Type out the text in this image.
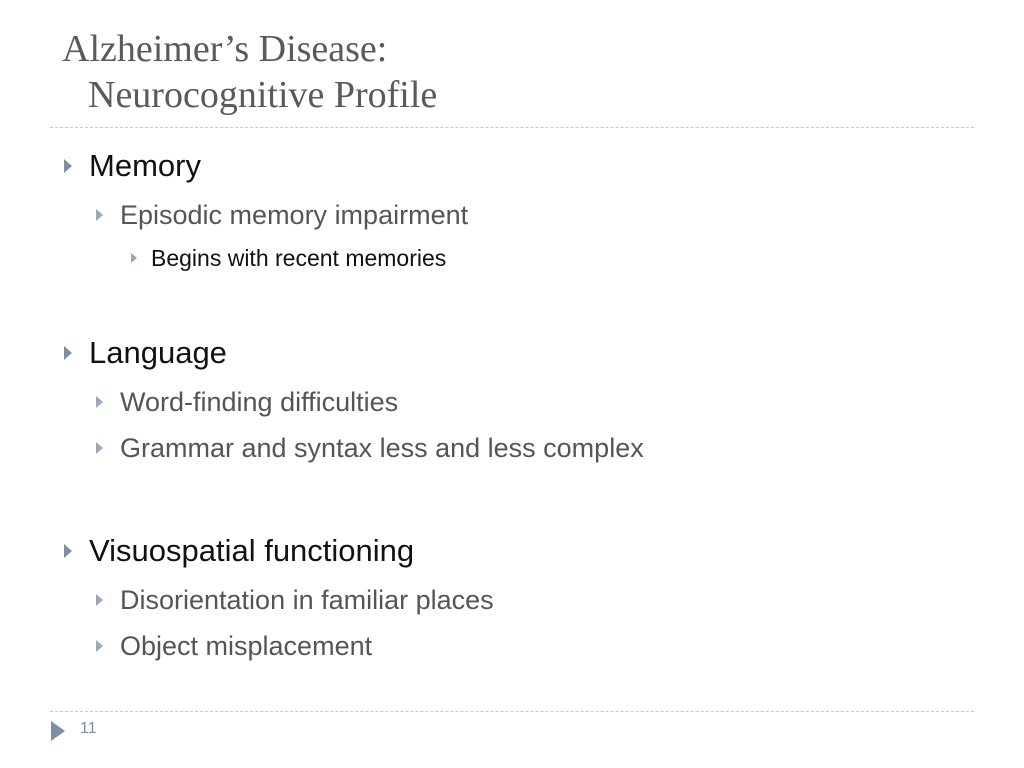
Alzheimer’s Disease:
Neurocognitive Profile
Memory
Episodic memory impairment
Begins with recent memories
Language
Word-finding difficulties
Grammar and syntax less and less complex
Visuospatial functioning
Disorientation in familiar places
Object misplacement
11
